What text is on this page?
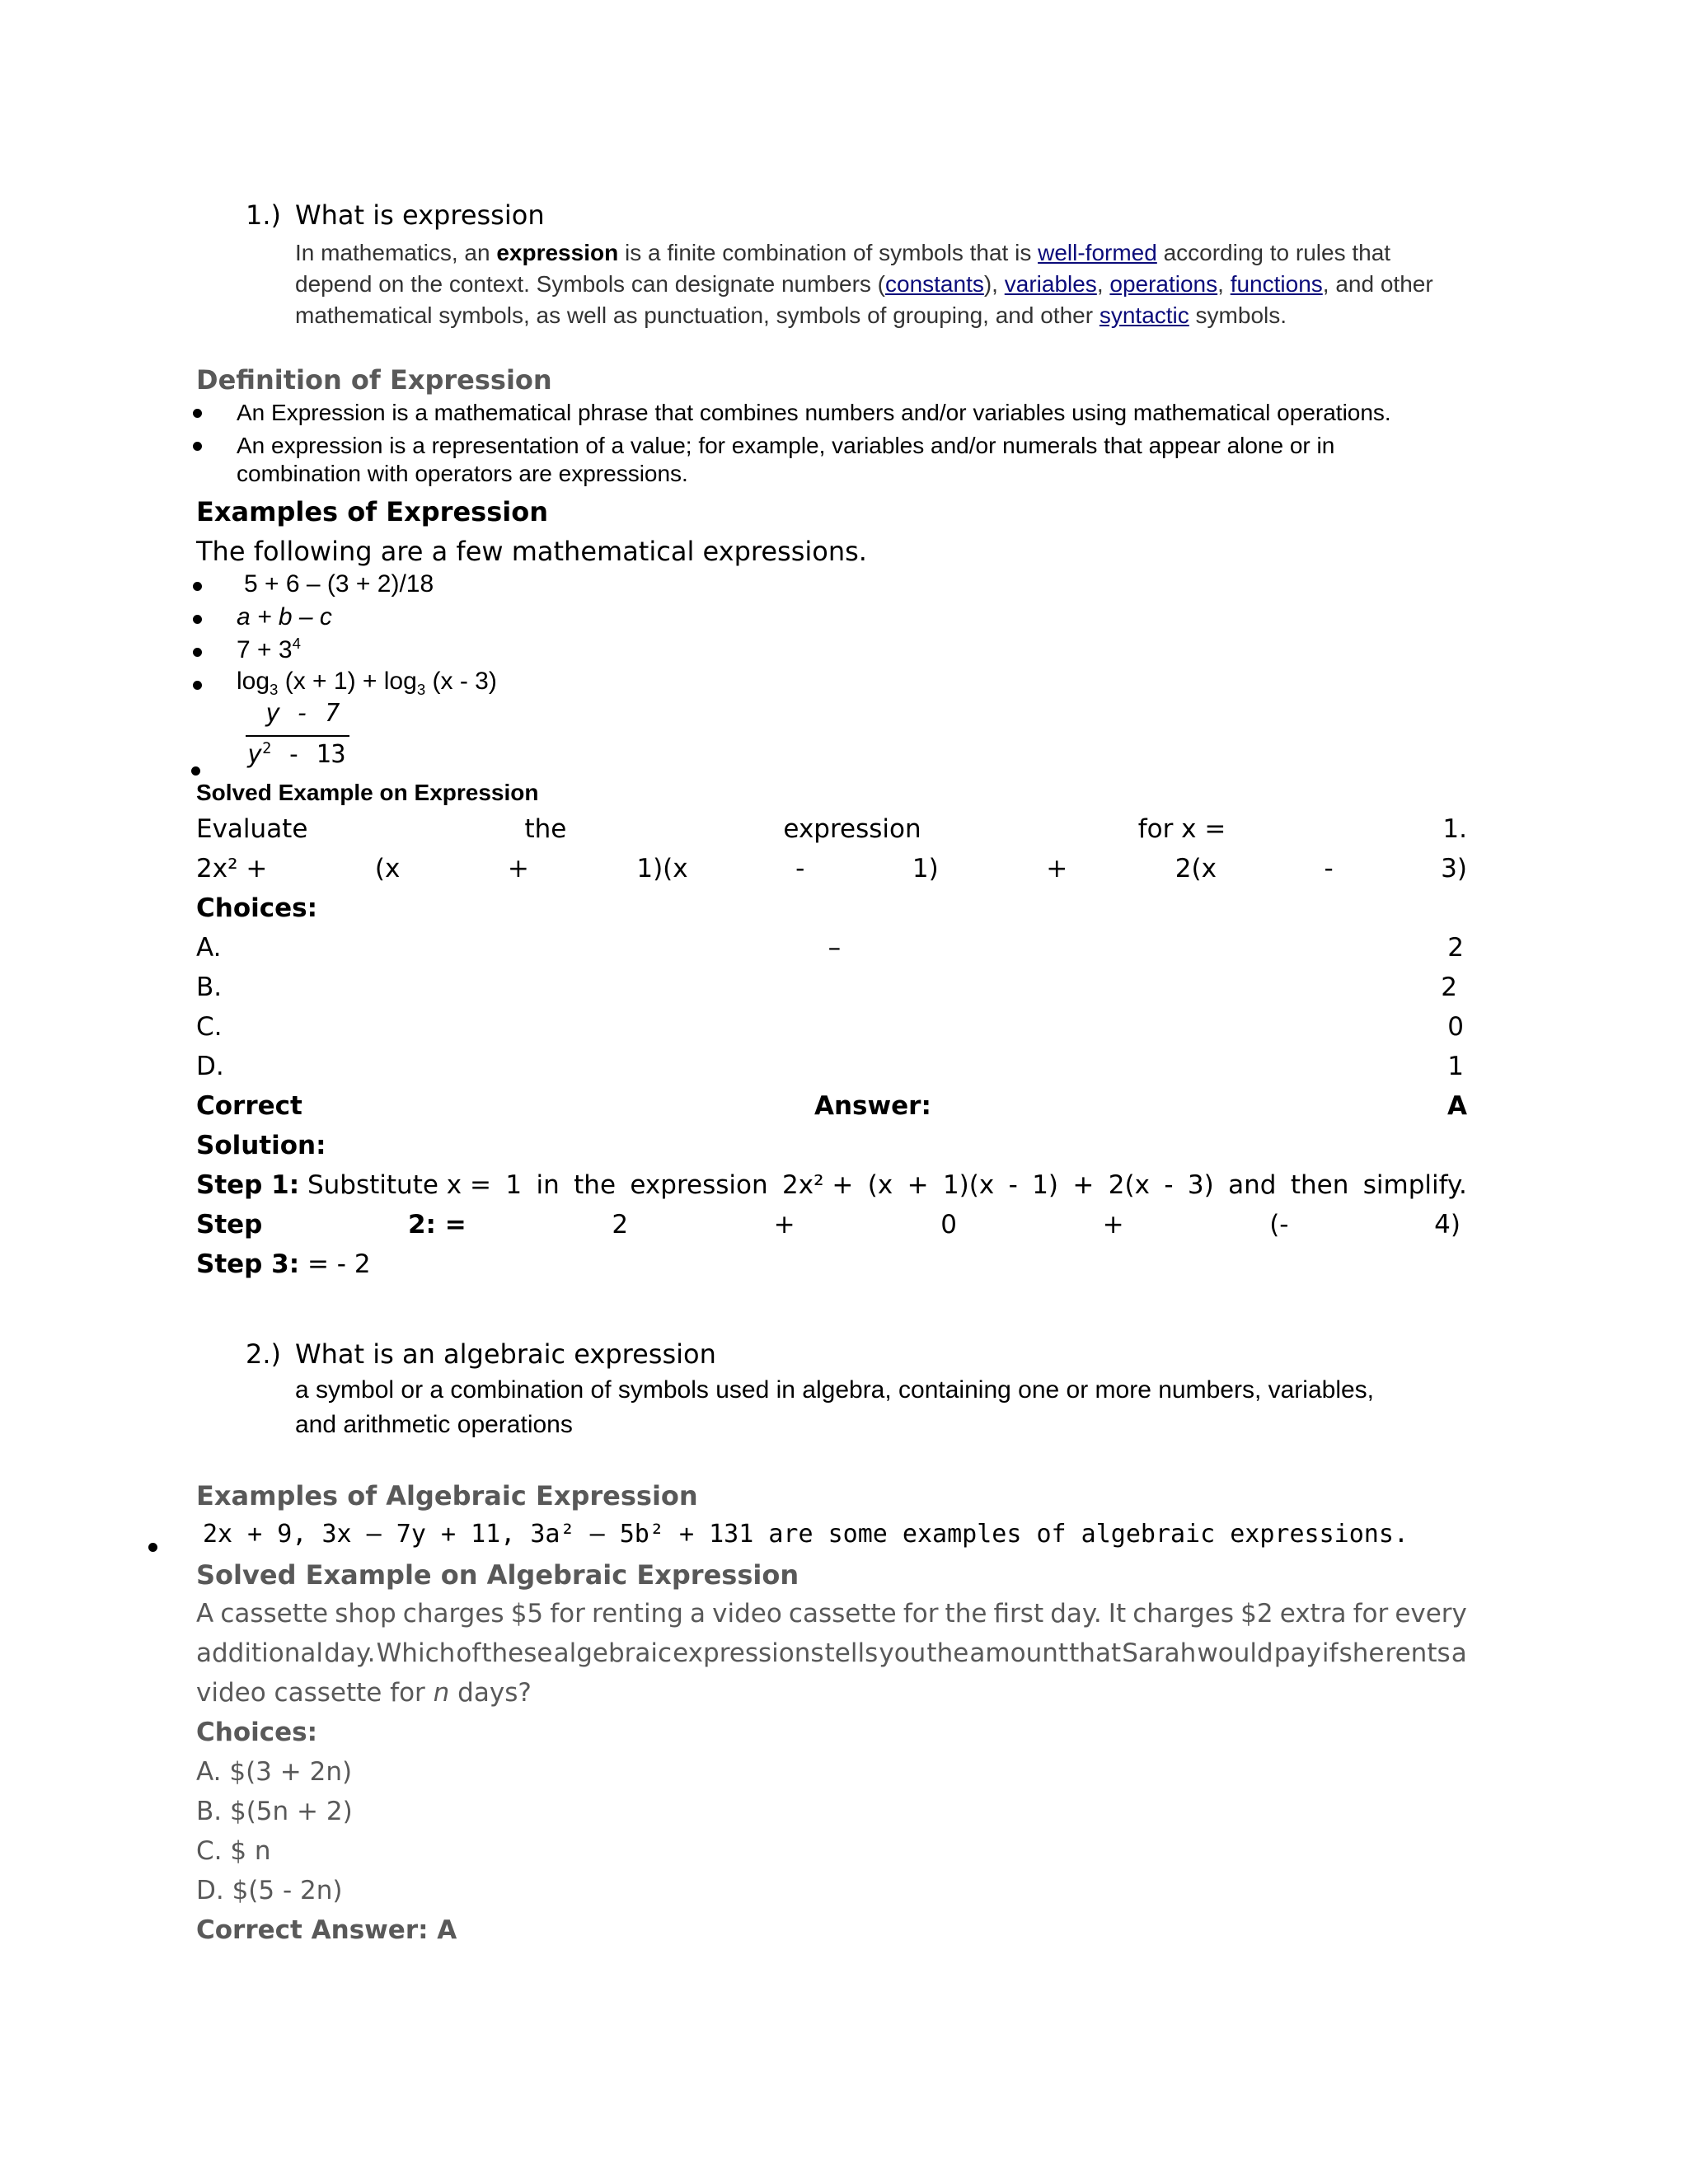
1.) What is expression
In mathematics, an expression is a finite combination of symbols that is well-formed according to rules that
depend on the context. Symbols can designate numbers (constants), variables, operations, functions, and other
mathematical symbols, as well as punctuation, symbols of grouping, and other syntactic symbols.
Definition of Expression
An Expression is a mathematical phrase that combines numbers and/or variables using mathematical operations.
An expression is a representation of a value; for example, variables and/or numerals that appear alone or in
combination with operators are expressions.
Examples of Expression
The following are a few mathematical expressions.
5 + 6 – (3 + 2)/18
a + b – c
$7 + 3^4$
$\log_3 (x + 1) + \log_3 (x - 3)$
y - 7
$y^2 - 13$
Solved Example on Expression
Evaluate	the	expression	for x =	1.
2x² +	(x	+	1)(x	-	1)	+	2(x	-	3)
Choices:
A.	–	2
B.	2
C.	0
D.	1
Correct	Answer:	A
Solution:
Step 1: Substitute x = 1 in the expression 2x² + (x + 1)(x - 1) + 2(x - 3) and then simplify.
Step	2: =	2	+	0	+	(-	4)
Step 3: = - 2
2.) What is an algebraic expression
a symbol or a combination of symbols used in algebra, containing one or more numbers, variables,
and arithmetic operations
Examples of Algebraic Expression
2x + 9, 3x – 7y + 11, 3a² – 5b² + 131 are some examples of algebraic expressions.
Solved Example on Algebraic Expression
A cassette shop charges $5 for renting a video cassette for the first day. It charges $2 extra for every
additional day. Which of these algebraic expressions tells you the amount that Sarah would pay if she rents a
video cassette for n days?
Choices:
A. $(3 + 2n)
B. $(5n + 2)
C. $ n
D. $(5 - 2n)
Correct Answer: A
